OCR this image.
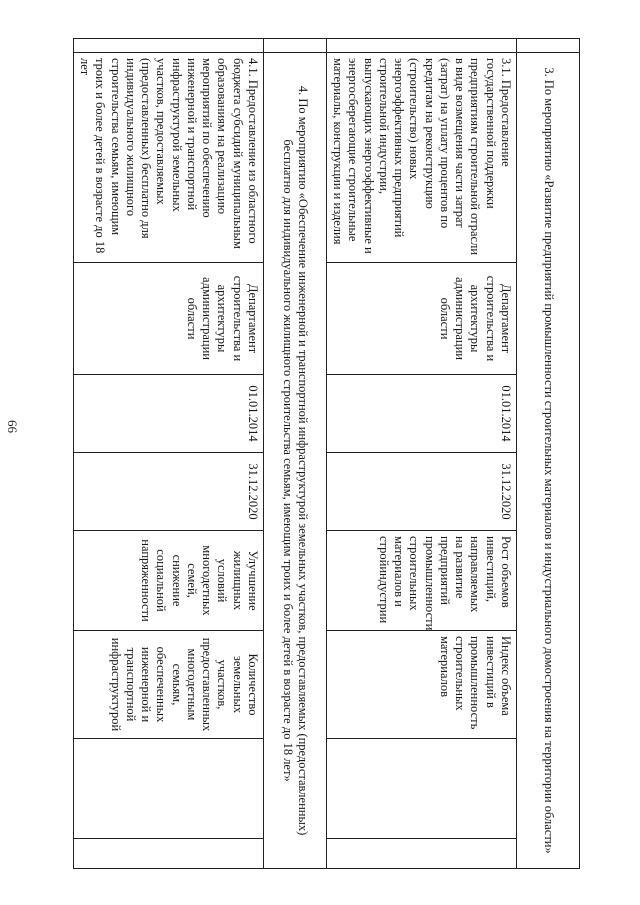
66
		3. По мероприятию «Развитие предприятий промышленности строительных материалов и индустриального домостроения на территории области»							
	3.1. Предоставление государственной поддержки предприятиям строительной отрасли в виде возмещения части затрат (затрат) на уплату процентов по кредитам на реконструкцию (строительство) новых энергоэффективных предприятий строительной индустрии, выпускающих энергоэффективные и энергосберегающие строительные материалы, конструкции и изделия	Департамент строительства и архитектуры администрации области	01.01.2014	31.12.2020	Рост объемов инвестиций, направляемых на развитие предприятий промышленности строительных материалов и стройиндустрии	Индекс объема инвестиций в промышленность строительных материалов		
	4. По мероприятию «Обеспечение инженерной и транспортной инфраструктурой земельных участков, предоставляемых (предоставленных) бесплатно для индивидуального жилищного строительства семьям, имеющим троих и более детей в возрасте до 18 лет»							
	4.1. Предоставление из областного бюджета субсидий муниципальным образованиям на реализацию мероприятий по обеспечению инженерной и транспортной инфраструктурой земельных участков, предоставляемых (предоставленных) бесплатно для индивидуального жилищного строительства семьям, имеющим троих и более детей в возрасте до 18 лет	Департамент строительства и архитектуры администрации области	01.01.2014	31.12.2020	Улучшение жилищных условий многодетных семей, снижение социальной напряженности	Количество земельных участков, предоставленных многодетным семьям, обеспеченных инженерной и транспортной инфраструктурой		
